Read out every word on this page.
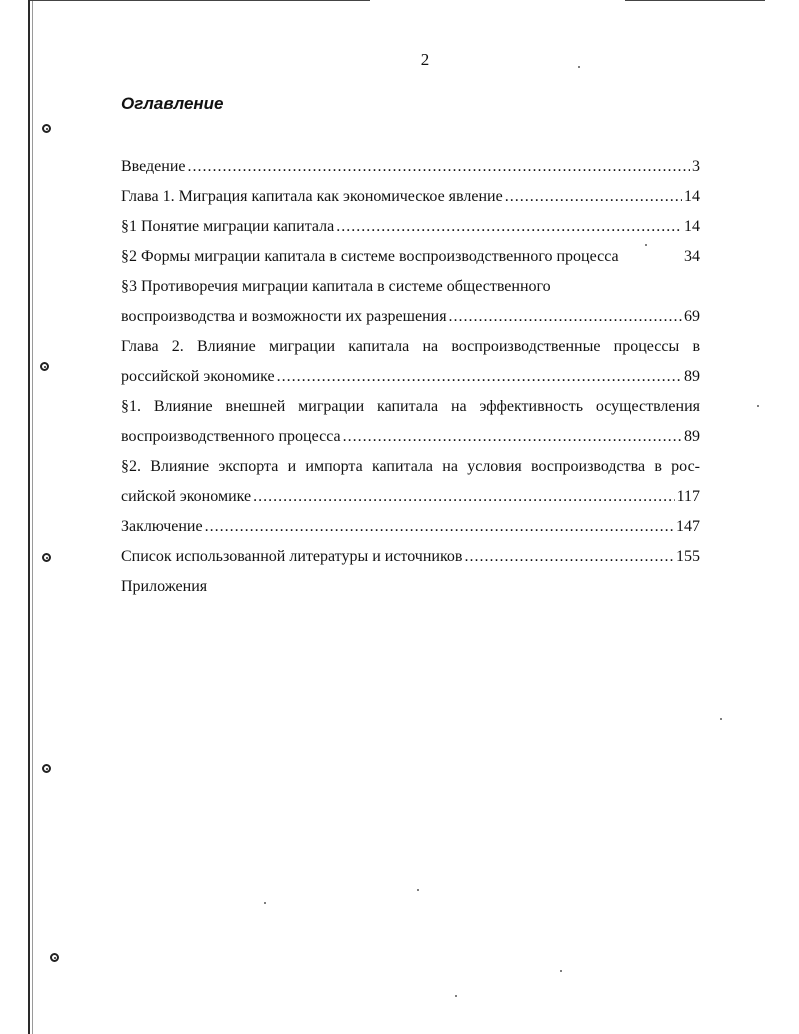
2
Оглавление
Введение .....	3
Глава 1. Миграция капитала как экономическое явление .....	14
§1 Понятие миграции капитала .....	14
§2 Формы миграции капитала в системе воспроизводственного процесса	34
§3 Противоречия миграции капитала в системе общественного
воспроизводства и возможности их разрешения .....	69
Глава 2. Влияние миграции капитала на воспроизводственные процессы в
российской экономике .....	89
§1. Влияние внешней миграции капитала на эффективность осуществления
воспроизводственного процесса .....	89
§2. Влияние экспорта и импорта капитала на условия воспроизводства в рос-
сийской экономике .....	117
Заключение .....	147
Список использованной литературы и источников .....	155
Приложения
